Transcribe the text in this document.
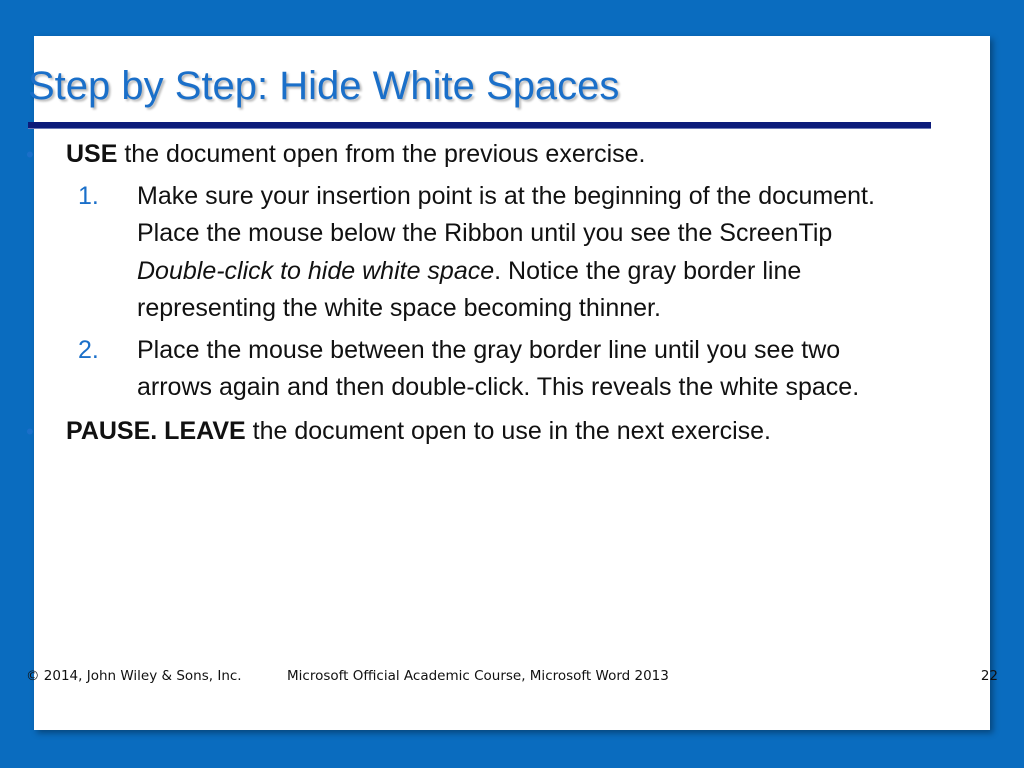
Step by Step: Hide White Spaces

• USE the document open from the previous exercise.

1. Make sure your insertion point is at the beginning of the document. Place the mouse below the Ribbon until you see the ScreenTip Double-click to hide white space. Notice the gray border line representing the white space becoming thinner.

2. Place the mouse between the gray border line until you see two arrows again and then double-click. This reveals the white space.

• PAUSE. LEAVE the document open to use in the next exercise.

© 2014, John Wiley & Sons, Inc.	Microsoft Official Academic Course, Microsoft Word 2013	22
